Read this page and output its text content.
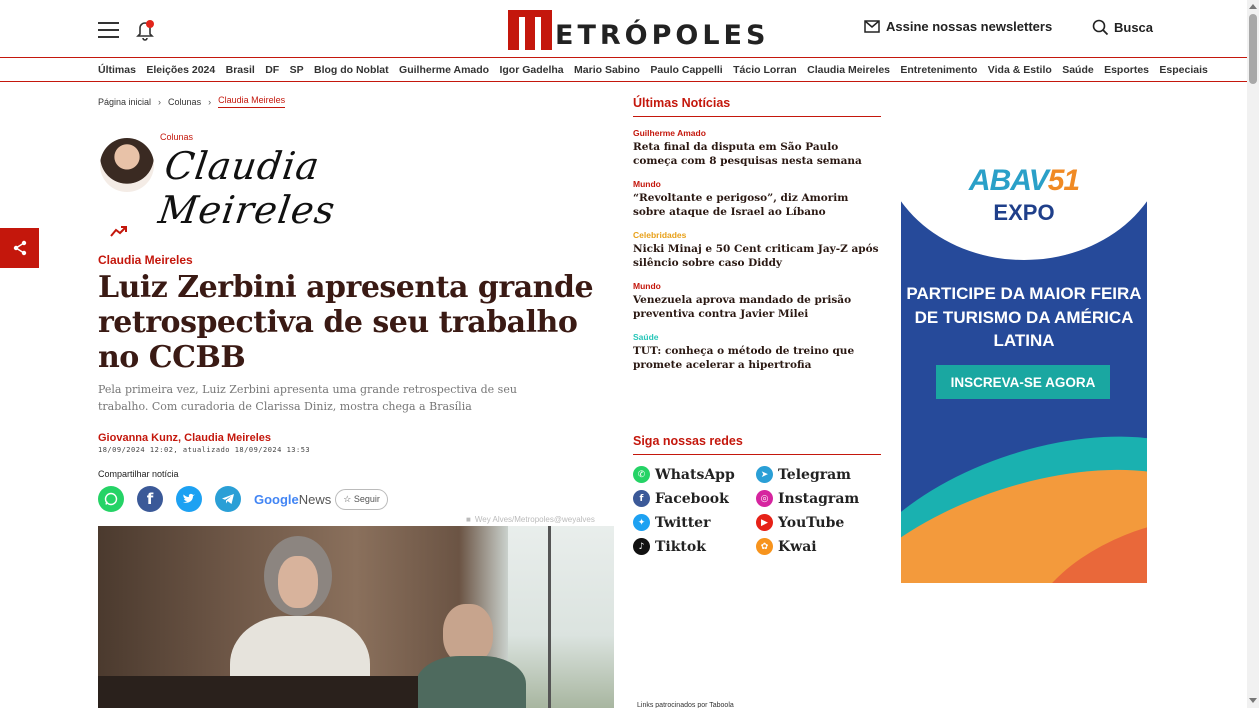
ETRÓPOLES	Assine nossas newsletters	Busca
Últimas Eleições 2024 Brasil DF SP Blog do Noblat Guilherme Amado Igor Gadelha Mario Sabino Paulo Cappelli Tácio Lorran Claudia Meireles Entretenimento Vida & Estilo Saúde Esportes Especiais
Página inicial › Colunas › Claudia Meireles
Colunas
Claudia Meireles
Claudia Meireles
Luiz Zerbini apresenta grande retrospectiva de seu trabalho no CCBB

Pela primeira vez, Luiz Zerbini apresenta uma grande retrospectiva de seu trabalho. Com curadoria de Clarissa Diniz, mostra chega a Brasília

Giovanna Kunz, Claudia Meireles
18/09/2024 12:02, atualizado 18/09/2024 13:53
Compartilhar notícia
f	Google News	☆ Seguir
■ Wey Alves/Metropoles@weyalves
Últimas Notícias
Guilherme Amado
Reta final da disputa em São Paulo começa com 8 pesquisas nesta semana
Mundo
“Revoltante e perigoso”, diz Amorim sobre ataque de Israel ao Líbano
Celebridades
Nicki Minaj e 50 Cent criticam Jay-Z após silêncio sobre caso Diddy
Mundo
Venezuela aprova mandado de prisão preventiva contra Javier Milei
Saúde
TUT: conheça o método de treino que promete acelerar a hipertrofia
Siga nossas redes
✆ WhatsApp	➤ Telegram
f Facebook	◎ Instagram
✦ Twitter	▶ YouTube
♪ Tiktok	✿ Kwai
Links patrocinados por Taboola
ABAV51
EXPO
PARTICIPE DA MAIOR FEIRA DE TURISMO DA AMÉRICA LATINA
INSCREVA-SE AGORA
